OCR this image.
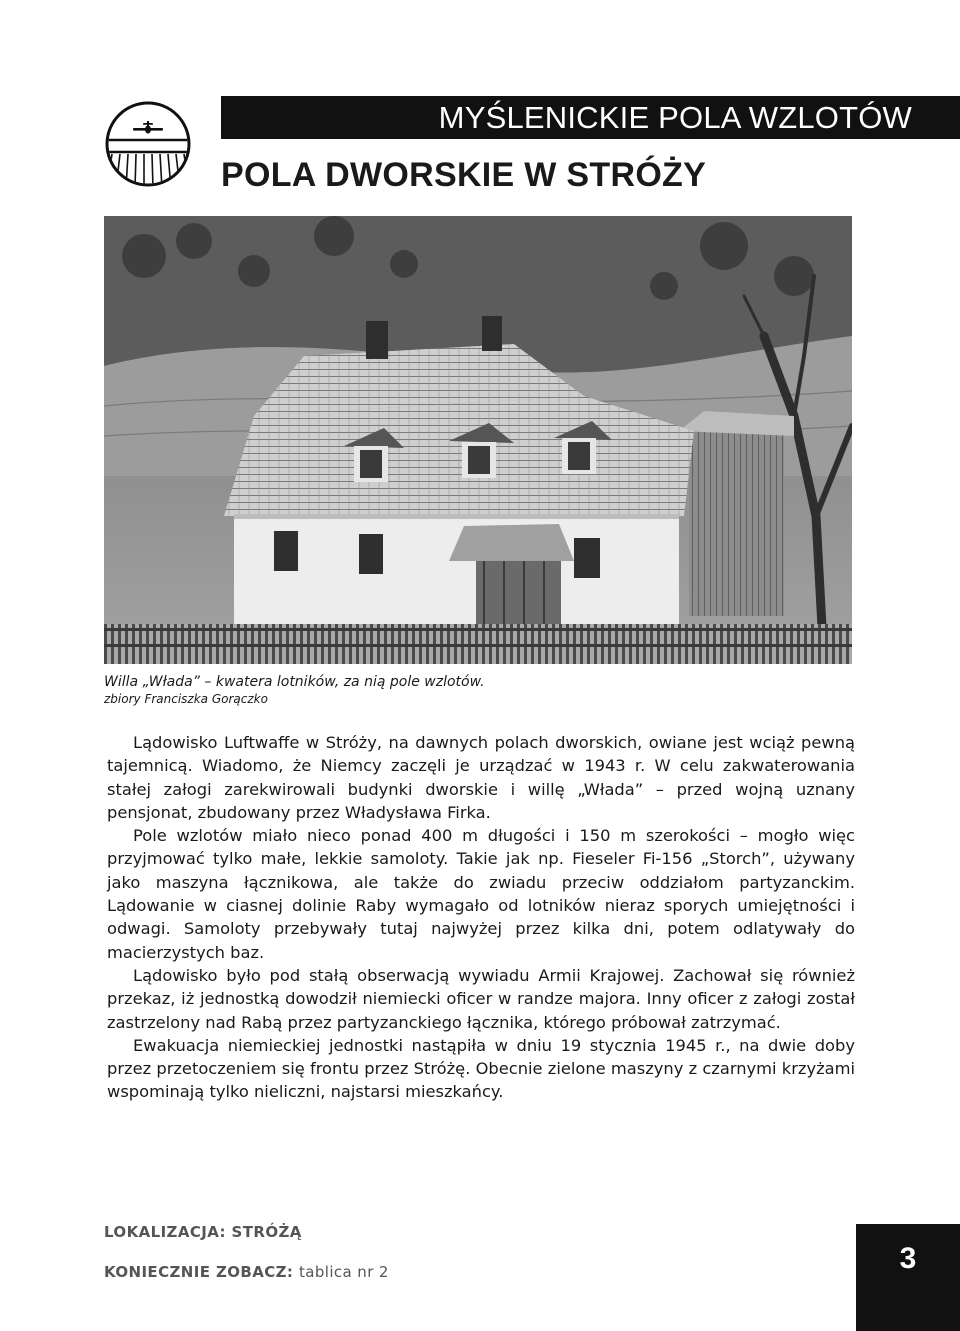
MYŚLENICKIE POLA WZLOTÓW
POLA DWORSKIE W STRÓŻY
Willa „Włada” – kwatera lotników, za nią pole wzlotów.
zbiory Franciszka Gorączko

Lądowisko Luftwaffe w Stróży, na dawnych polach dworskich, owiane jest wciąż pewną tajemnicą. Wiadomo, że Niemcy zaczęli je urządzać w 1943 r. W celu zakwaterowania stałej załogi zarekwirowali budynki dworskie i willę „Włada” – przed wojną uznany pensjonat, zbudowany przez Władysława Firka.

Pole wzlotów miało nieco ponad 400 m długości i 150 m szerokości – mogło więc przyjmować tylko małe, lekkie samoloty. Takie jak np. Fieseler Fi-156 „Storch”, używany jako maszyna łącznikowa, ale także do zwiadu przeciw oddziałom partyzanckim. Lądowanie w ciasnej dolinie Raby wymagało od lotników nieraz sporych umiejętności i odwagi. Samoloty przebywały tutaj najwyżej przez kilka dni, potem odlatywały do macierzystych baz.

Lądowisko było pod stałą obserwacją wywiadu Armii Krajowej. Zachował się również przekaz, iż jednostką dowodził niemiecki oficer w randze majora. Inny oficer z załogi został zastrzelony nad Rabą przez partyzanckiego łącznika, którego próbował zatrzymać.

Ewakuacja niemieckiej jednostki nastąpiła w dniu 19 stycznia 1945 r., na dwie doby przez przetoczeniem się frontu przez Stróżę. Obecnie zielone maszyny z czarnymi krzyżami wspominają tylko nieliczni, najstarsi mieszkańcy.

LOKALIZACJA: STRÓŻĄ
KONIECZNIE ZOBACZ: tablica nr 2	3
